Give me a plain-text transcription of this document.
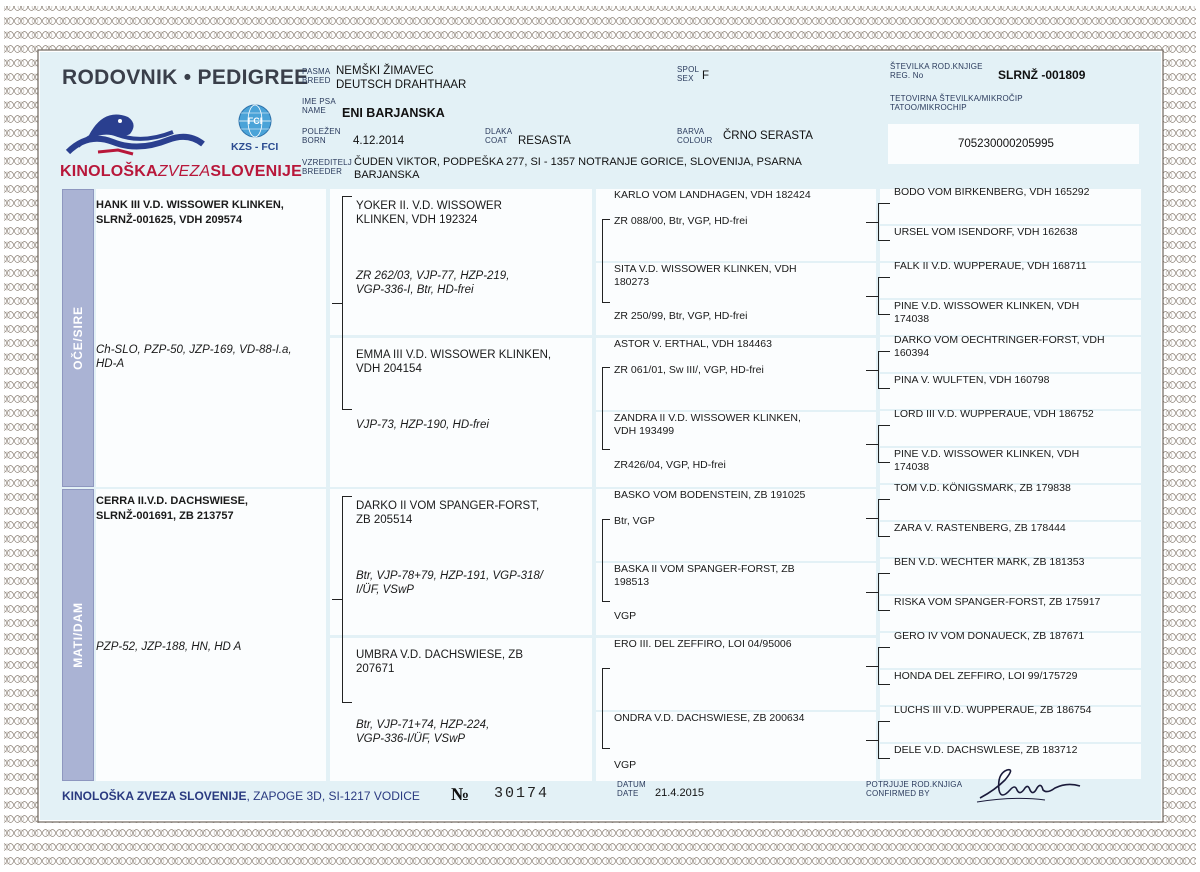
RODOVNIK • PEDIGREE
FCI
KZS - FCI
KINOLOŠKAZVEZASLOVENIJE
PASMA
BREED
NEMŠKI ŽIMAVEC
DEUTSCH DRAHTHAAR
IME PSA
NAME	ENI BARJANSKA
POLEŽEN
BORN	4.12.2014
DLAKA
COAT RESASTA
BARVA
COLOUR ČRNO SERASTA
SPOL
SEX F
ŠTEVILKA ROD.KNJIGE
REG. No	SLRNŽ -001809
TETOVIRNA ŠTEVILKA/MIKROČIP
TATOO/MIKROCHIP
705230000205995
VZREDITELJ
BREEDER
ČUDEN VIKTOR, PODPEŠKA 277, SI - 1357 NOTRANJE GORICE, SLOVENIJA, PSARNA
BARJANSKA
OČE/SIRE
MATI/DAM
HANK III V.D. WISSOWER KLINKEN,
SLRNŽ-001625, VDH 209574
Ch-SLO, PZP-50, JZP-169, VD-88-I.a,
HD-A
CERRA II.V.D. DACHSWIESE,
SLRNŽ-001691, ZB 213757
PZP-52, JZP-188, HN, HD A
YOKER II. V.D. WISSOWER
KLINKEN, VDH 192324
ZR 262/03, VJP-77, HZP-219,
VGP-336-I, Btr, HD-frei
EMMA III V.D. WISSOWER KLINKEN,
VDH 204154
VJP-73, HZP-190, HD-frei
DARKO II VOM SPANGER-FORST,
ZB 205514
Btr, VJP-78+79, HZP-191, VGP-318/
I/ÜF, VSwP
UMBRA V.D. DACHSWIESE, ZB
207671
Btr, VJP-71+74, HZP-224,
VGP-336-I/ÜF, VSwP
KARLO VOM LANDHAGEN, VDH 182424
ZR 088/00, Btr, VGP, HD-frei
SITA V.D. WISSOWER KLINKEN, VDH
180273
ZR 250/99, Btr, VGP, HD-frei
ASTOR V. ERTHAL, VDH 184463
ZR 061/01, Sw III/, VGP, HD-frei
ZANDRA II V.D. WISSOWER KLINKEN,
VDH 193499
ZR426/04, VGP, HD-frei
BASKO VOM BODENSTEIN, ZB 191025
Btr, VGP
BASKA II VOM SPANGER-FORST, ZB
198513
VGP
ERO III. DEL ZEFFIRO, LOI 04/95006
ONDRA V.D. DACHSWIESE, ZB 200634
VGP
BODO VOM BIRKENBERG, VDH 165292
URSEL VOM ISENDORF, VDH 162638
FALK II V.D. WUPPERAUE, VDH 168711
PINE V.D. WISSOWER KLINKEN, VDH
174038
DARKO VOM OECHTRINGER-FORST, VDH
160394
PINA V. WULFTEN, VDH 160798
LORD III V.D. WUPPERAUE, VDH 186752
PINE V.D. WISSOWER KLINKEN, VDH
174038
TOM V.D. KÖNIGSMARK, ZB 179838
ZARA V. RASTENBERG, ZB 178444
BEN V.D. WECHTER MARK, ZB 181353
RISKA VOM SPANGER-FORST, ZB 175917
GERO IV VOM DONAUECK, ZB 187671
HONDA DEL ZEFFIRO, LOI 99/175729
LUCHS III V.D. WUPPERAUE, ZB 186754
DELE V.D. DACHSWLESE, ZB 183712
KINOLOŠKA ZVEZA SLOVENIJE, ZAPOGE 3D, SI-1217 VODICE № 30174
DATUM
DATE	21.4.2015
POTRJUJE ROD.KNJIGA
CONFIRMED BY
